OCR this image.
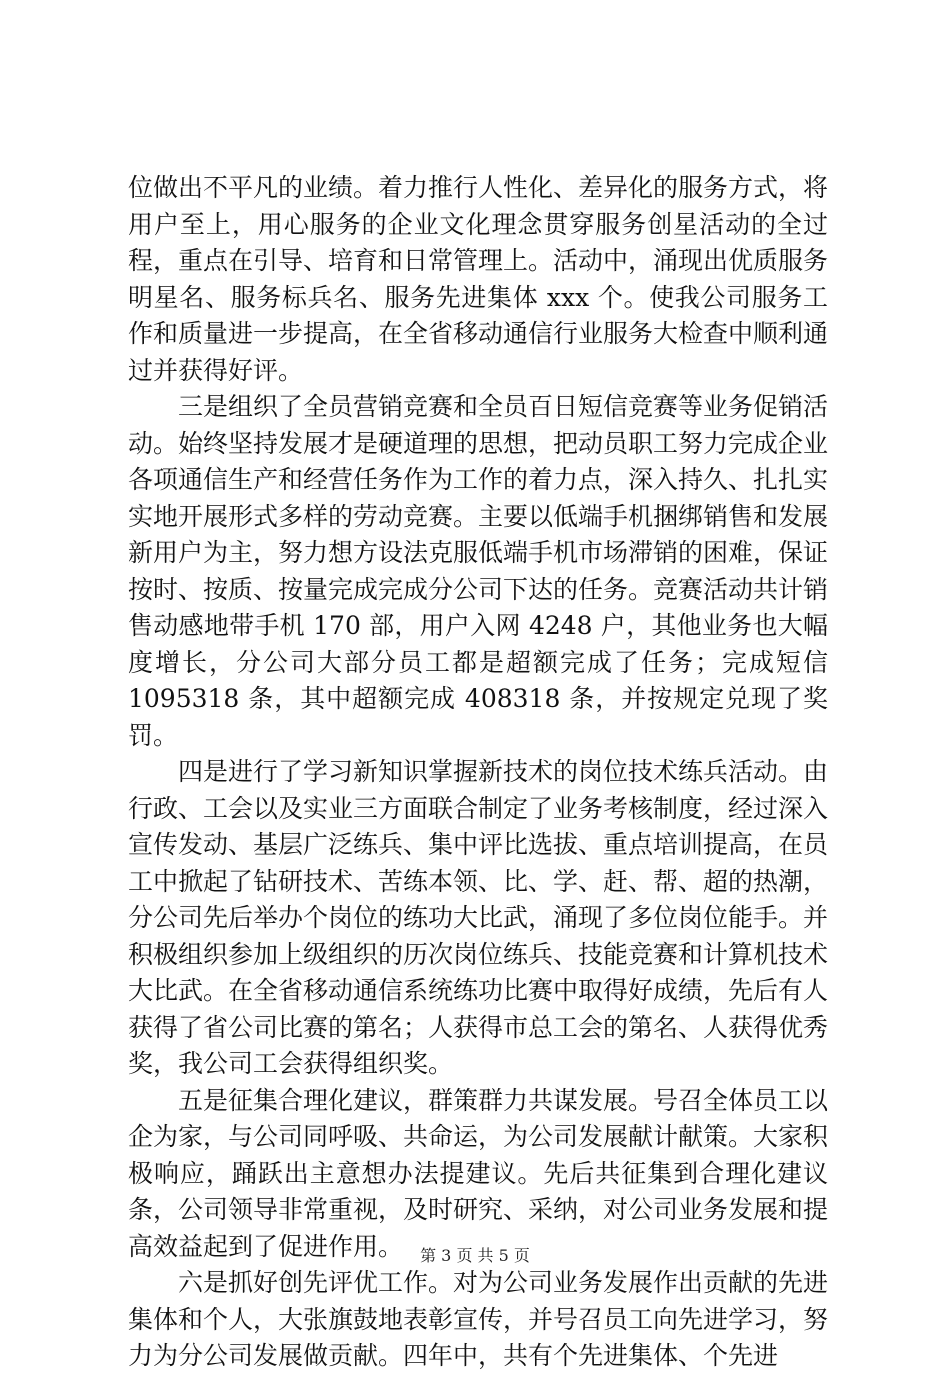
位做出不平凡的业绩。着力推行人性化、差异化的服务方式，将用户至上，用心服务的企业文化理念贯穿服务创星活动的全过程，重点在引导、培育和日常管理上。活动中，涌现出优质服务明星名、服务标兵名、服务先进集体 xxx 个。使我公司服务工作和质量进一步提高，在全省移动通信行业服务大检查中顺利通过并获得好评。

三是组织了全员营销竞赛和全员百日短信竞赛等业务促销活动。始终坚持发展才是硬道理的思想，把动员职工努力完成企业各项通信生产和经营任务作为工作的着力点，深入持久、扎扎实实地开展形式多样的劳动竞赛。主要以低端手机捆绑销售和发展新用户为主，努力想方设法克服低端手机市场滞销的困难，保证按时、按质、按量完成完成分公司下达的任务。竞赛活动共计销售动感地带手机 170 部，用户入网 4248 户，其他业务也大幅度增长，分公司大部分员工都是超额完成了任务；完成短信 1095318 条，其中超额完成 408318 条，并按规定兑现了奖罚。

四是进行了学习新知识掌握新技术的岗位技术练兵活动。由行政、工会以及实业三方面联合制定了业务考核制度，经过深入宣传发动、基层广泛练兵、集中评比选拔、重点培训提高，在员工中掀起了钻研技术、苦练本领、比、学、赶、帮、超的热潮，分公司先后举办个岗位的练功大比武，涌现了多位岗位能手。并积极组织参加上级组织的历次岗位练兵、技能竞赛和计算机技术大比武。在全省移动通信系统练功比赛中取得好成绩，先后有人获得了省公司比赛的第名；人获得市总工会的第名、人获得优秀奖，我公司工会获得组织奖。

五是征集合理化建议，群策群力共谋发展。号召全体员工以企为家，与公司同呼吸、共命运，为公司发展献计献策。大家积极响应，踊跃出主意想办法提建议。先后共征集到合理化建议条，公司领导非常重视，及时研究、采纳，对公司业务发展和提高效益起到了促进作用。

六是抓好创先评优工作。对为公司业务发展作出贡献的先进集体和个人，大张旗鼓地表彰宣传，并号召员工向先进学习，努力为分公司发展做贡献。四年中，共有个先进集体、个先进

第 3 页 共 5 页
